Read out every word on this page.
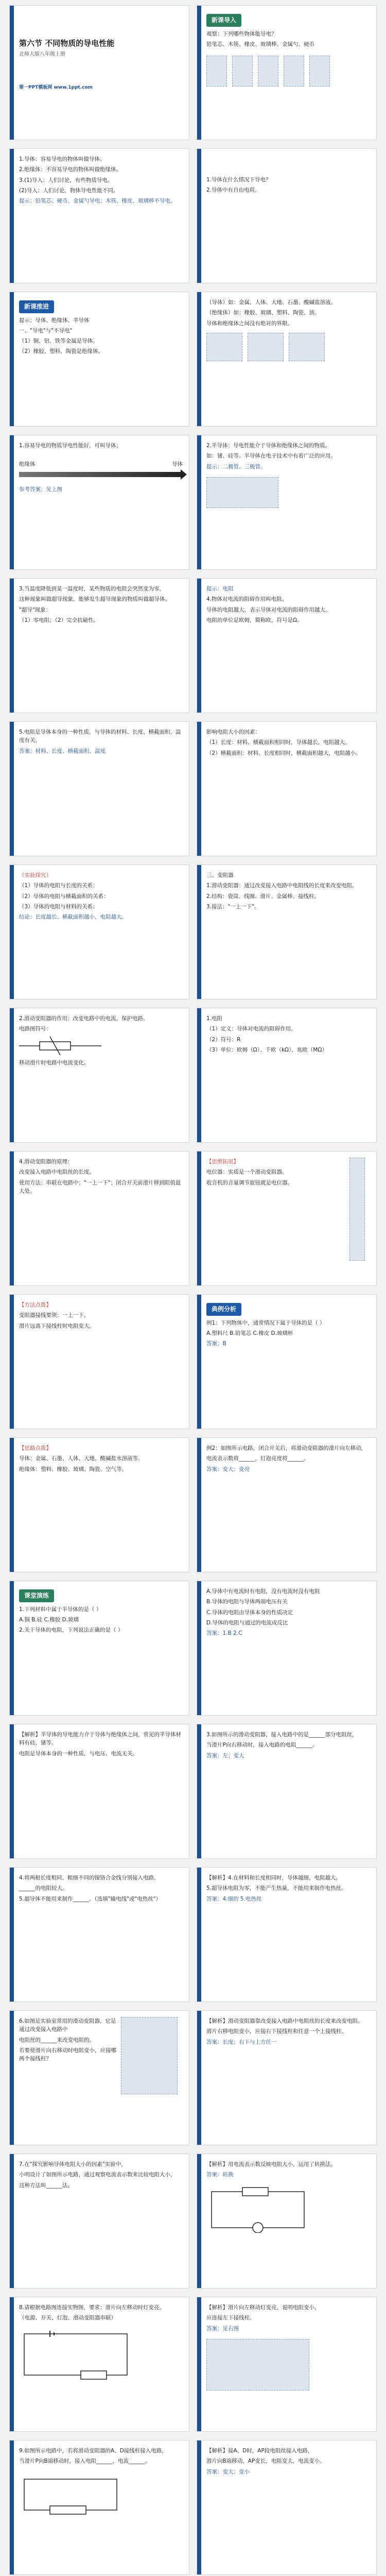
第六节 不同物质的导电性能
北师大版八年级上册
第一PPT模板网 www.1ppt.com
新课导入

观察：下列哪些物体能导电？

铅笔芯、木筷、橡皮、玻璃棒、金属勺、硬币

1.导体：容易导电的物体叫做导体。

2.绝缘体：不容易导电的物体叫做绝缘体。

3.(1)导入：人们讨论，有些物质导电。

(2)导入：人们讨论，物体导电性能不同。

提示：铅笔芯、硬币、金属勺导电；木筷、橡皮、玻璃棒不导电。

1.导体在什么情况下导电？

2.导体中有自由电荷。

新课推进

提示：导体、绝缘体、半导体

一、"导电"与"不导电"

（1）铜、铝、铁等金属是导体。

（2）橡胶、塑料、陶瓷是绝缘体。

（导体）如：金属、人体、大地、石墨、酸碱盐溶液。

（绝缘体）如：橡胶、玻璃、塑料、陶瓷、油。

导体和绝缘体之间没有绝对的界限。

1.容易导电的物质导电性能好，可叫导体；

绝缘体	导体

参考答案：见上图

2.半导体：导电性能介于导体和绝缘体之间的物质。

如：锗、硅等。半导体在电子技术中有着广泛的应用。

提示：二极管、三极管。

3.当温度降低到某一温度时，某些物质的电阻会突然变为零，

这种现象叫做超导现象，能够发生超导现象的物质叫做超导体。

"超导"现象：

（1）零电阻；（2）完全抗磁性。

提示：电阻

4.物体对电流的阻碍作用叫电阻。

导体的电阻越大，表示导体对电流的阻碍作用越大。

电阻的单位是欧姆，简称欧，符号是Ω。

5.电阻是导体本身的一种性质，与导体的材料、长度、横截面积、温度有关。

答案：材料、长度、横截面积、温度

影响电阻大小的因素：

（1）长度：材料、横截面积相同时，导体越长，电阻越大。

（2）横截面积：材料、长度相同时，横截面积越大，电阻越小。

（实验探究）

（1）导体的电阻与长度的关系：

（2）导体的电阻与横截面积的关系：

（3）导体的电阻与材料的关系：

结论：长度越长、横截面积越小，电阻越大。

三、变阻器

1.滑动变阻器：通过改变接入电路中电阻线的长度来改变电阻。

2.结构：瓷筒、线圈、滑片、金属棒、接线柱。

3.接法："一上一下"。

2.滑动变阻器的作用：改变电路中的电流，保护电路。

电路图符号：

移动滑片时电路中电流变化。

1.电阻

（1）定义：导体对电流的阻碍作用。

（2）符号：R

（3）单位：欧姆（Ω）、千欧（kΩ）、兆欧（MΩ）

4.滑动变阻器的原理：

改变接入电路中电阻丝的长度。

使用方法：串联在电路中；"一上一下"；闭合开关前滑片移到阻值最大处。

【思维拓展】

电位器：实质是一个滑动变阻器。

收音机的音量调节旋钮就是电位器。

【方法点拨】

变阻器接线要领：一上一下，

滑片远离下接线柱时电阻变大。

典例分析

例1：下列物体中，通常情况下属于导体的是（ ）

A.塑料尺 B.铅笔芯 C.橡皮 D.玻璃杯

答案：B

【思路点拨】

导体：金属、石墨、人体、大地、酸碱盐水溶液等。

绝缘体：塑料、橡胶、玻璃、陶瓷、空气等。

例2：如图所示电路，闭合开关后，将滑动变阻器的滑片向左移动，

电流表示数将______，灯泡亮度将______。

答案：变大；变亮

课堂演练

1.下列材料中属于半导体的是（ ）

A.铜 B.硅 C.橡胶 D.玻璃

2.关于导体的电阻，下列说法正确的是（ ）

A.导体中有电流时有电阻，没有电流时没有电阻

B.导体的电阻与导体两端电压有关

C.导体的电阻由导体本身的性质决定

D.导体的电阻与通过的电流成反比

答案：1.B 2.C

【解析】半导体的导电能力介于导体与绝缘体之间，常见的半导体材料有硅、锗等。

电阻是导体本身的一种性质，与电压、电流无关。

3.如图所示的滑动变阻器，接入电路中的是______部分电阻丝，

当滑片P向右移动时，接入电路的电阻______。

答案：左；变大

4.将两根长度相同、粗细不同的镍铬合金线分别接入电路，

______的电阻较大。

5.超导体不能用来制作______。（选填"输电线"或"电热丝"）

【解析】4.在材料和长度相同时，导体越细，电阻越大。

5.超导体电阻为零，不能产生热量，不能用来制作电热丝。

答案：4.细的 5.电热丝

6.如图是实验室常用的滑动变阻器，它是通过改变接入电路中

电阻丝的______来改变电阻的。

若要使滑片向右移动时电阻变小，应接哪两个接线柱？

【解析】滑动变阻器靠改变接入电路中电阻丝的长度来改变电阻。

滑片右移电阻变小，应接右下接线柱和任意一个上接线柱。

答案：长度；右下与上方任一

7.在"探究影响导体电阻大小的因素"实验中，

小明设计了如图所示电路，通过观察电流表示数来比较电阻大小，

这种方法叫______法。

【解析】用电流表示数反映电阻大小，运用了转换法。

答案：转换

8.请根据电路图连接实物图，要求：滑片向左移动时灯变亮。

（电源、开关、灯泡、滑动变阻器串联）

【解析】滑片向左移动灯变亮，说明电阻变小，

应连接左下接线柱。

答案：见右图

9.如图所示电路中，若将滑动变阻器的A、D接线柱接入电路，

当滑片P向B端移动时，接入电阻______，电流______。

【解析】接A、D时，AP段电阻丝接入电路，

滑片向B端移动，AP变长，电阻变大，电流变小。

答案：变大；变小
